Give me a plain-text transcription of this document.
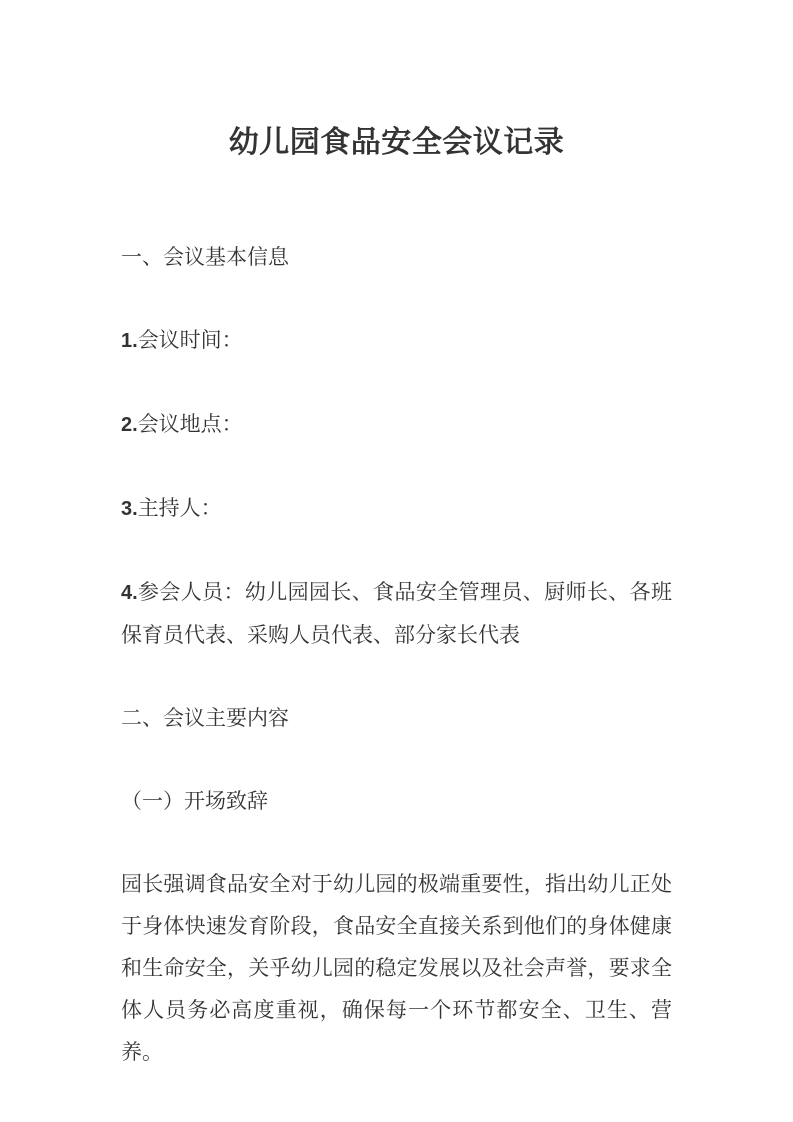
幼儿园食品安全会议记录

一、会议基本信息

1.会议时间：

2.会议地点：

3.主持人：

4.参会人员：幼儿园园长、食品安全管理员、厨师长、各班保育员代表、采购人员代表、部分家长代表

二、会议主要内容

（一）开场致辞

园长强调食品安全对于幼儿园的极端重要性，指出幼儿正处于身体快速发育阶段，食品安全直接关系到他们的身体健康和生命安全，关乎幼儿园的稳定发展以及社会声誉，要求全体人员务必高度重视，确保每一个环节都安全、卫生、营养。
